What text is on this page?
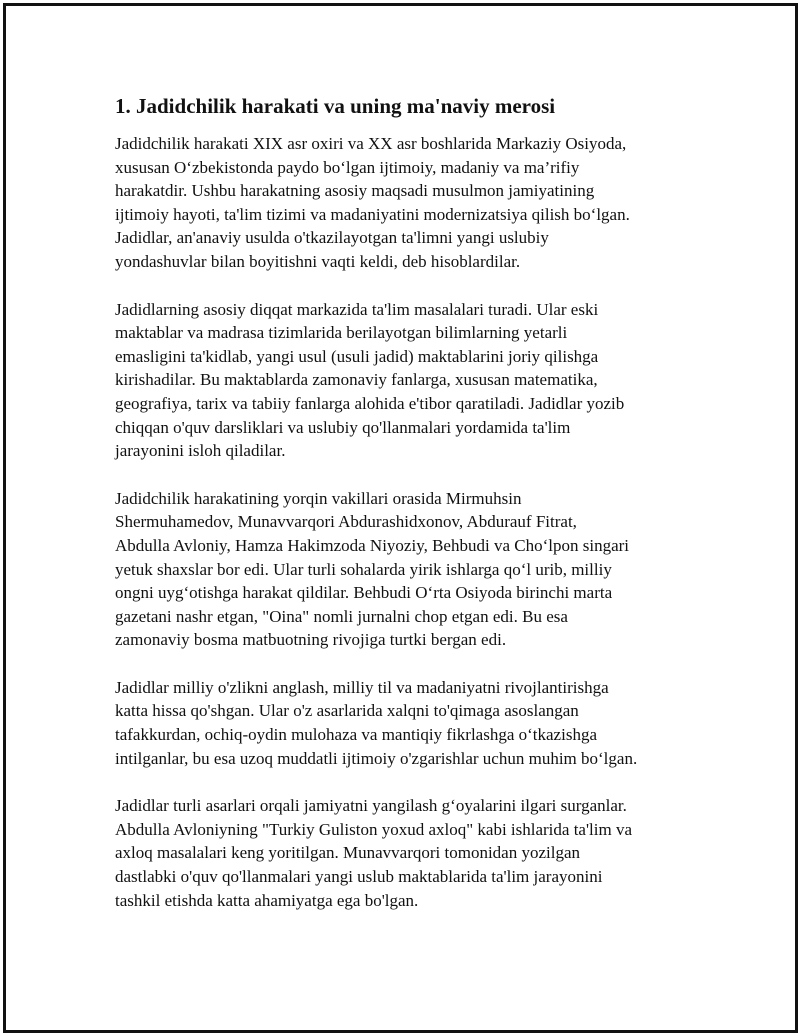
1. Jadidchilik harakati va uning ma'naviy merosi

Jadidchilik harakati XIX asr oxiri va XX asr boshlarida Markaziy Osiyoda,
xususan O‘zbekistonda paydo bo‘lgan ijtimoiy, madaniy va ma’rifiy
harakatdir. Ushbu harakatning asosiy maqsadi musulmon jamiyatining
ijtimoiy hayoti, ta'lim tizimi va madaniyatini modernizatsiya qilish bo‘lgan.
Jadidlar, an'anaviy usulda o'tkazilayotgan ta'limni yangi uslubiy
yondashuvlar bilan boyitishni vaqti keldi, deb hisoblardilar.

Jadidlarning asosiy diqqat markazida ta'lim masalalari turadi. Ular eski
maktablar va madrasa tizimlarida berilayotgan bilimlarning yetarli
emasligini ta'kidlab, yangi usul (usuli jadid) maktablarini joriy qilishga
kirishadilar. Bu maktablarda zamonaviy fanlarga, xususan matematika,
geografiya, tarix va tabiiy fanlarga alohida e'tibor qaratiladi. Jadidlar yozib
chiqqan o'quv darsliklari va uslubiy qo'llanmalari yordamida ta'lim
jarayonini isloh qiladilar.

Jadidchilik harakatining yorqin vakillari orasida Mirmuhsin
Shermuhamedov, Munavvarqori Abdurashidxonov, Abdurauf Fitrat,
Abdulla Avloniy, Hamza Hakimzoda Niyoziy, Behbudi va Cho‘lpon singari
yetuk shaxslar bor edi. Ular turli sohalarda yirik ishlarga qo‘l urib, milliy
ongni uyg‘otishga harakat qildilar. Behbudi O‘rta Osiyoda birinchi marta
gazetani nashr etgan, "Oina" nomli jurnalni chop etgan edi. Bu esa
zamonaviy bosma matbuotning rivojiga turtki bergan edi.

Jadidlar milliy o'zlikni anglash, milliy til va madaniyatni rivojlantirishga
katta hissa qo'shgan. Ular o'z asarlarida xalqni to'qimaga asoslangan
tafakkurdan, ochiq-oydin mulohaza va mantiqiy fikrlashga o‘tkazishga
intilganlar, bu esa uzoq muddatli ijtimoiy o'zgarishlar uchun muhim bo‘lgan.

Jadidlar turli asarlari orqali jamiyatni yangilash g‘oyalarini ilgari surganlar.
Abdulla Avloniyning "Turkiy Guliston yoxud axloq" kabi ishlarida ta'lim va
axloq masalalari keng yoritilgan. Munavvarqori tomonidan yozilgan
dastlabki o'quv qo'llanmalari yangi uslub maktablarida ta'lim jarayonini
tashkil etishda katta ahamiyatga ega bo'lgan.
